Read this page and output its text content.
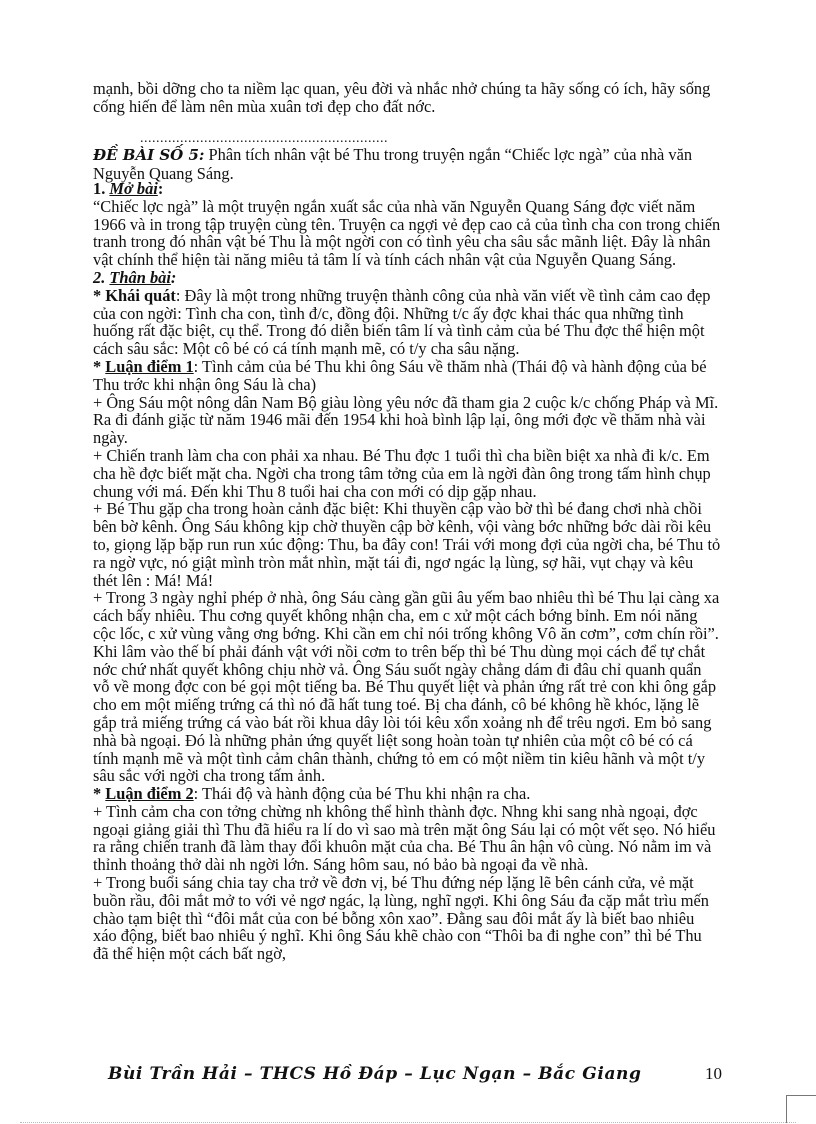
mạnh, bồi dỡng cho ta niềm lạc quan, yêu đời và nhắc nhở chúng ta hãy sống có ích, hãy sống cống hiến để làm nên mùa xuân tơi đẹp cho đất nớc.

..............................................................

ĐỀ BÀI SỐ 5: Phân tích nhân vật bé Thu trong truyện ngắn “Chiếc lợc ngà” của nhà văn Nguyễn Quang Sáng.

1. Mở bài:

“Chiếc lợc ngà” là một truyện ngắn xuất sắc của nhà văn Nguyễn Quang Sáng đợc viết năm 1966 và in trong tập truyện cùng tên. Truyện ca ngợi vẻ đẹp cao cả của tình cha con trong chiến tranh trong đó nhân vật bé Thu là một ngời con có tình yêu cha sâu sắc mãnh liệt. Đây là nhân vật chính thể hiện tài năng miêu tả tâm lí và tính cách nhân vật của Nguyễn Quang Sáng.

2. Thân bài:

* Khái quát: Đây là một trong những truyện thành công của nhà văn viết về tình cảm cao đẹp của con ngời: Tình cha con, tình đ/c, đồng đội. Những t/c ấy đợc khai thác qua những tình huống rất đặc biệt, cụ thể. Trong đó diễn biến tâm lí và tình cảm của bé Thu đợc thể hiện một cách sâu sắc: Một cô bé có cá tính mạnh mẽ, có t/y cha sâu nặng.

* Luận điểm 1: Tình cảm của bé Thu khi ông Sáu về thăm nhà (Thái độ và hành động của bé Thu trớc khi nhận ông Sáu là cha)

+ Ông Sáu một nông dân Nam Bộ giàu lòng yêu nớc đã tham gia 2 cuộc k/c chống Pháp và Mĩ. Ra đi đánh giặc từ năm 1946 mãi đến 1954 khi hoà bình lập lại, ông mới đợc về thăm nhà vài ngày.

+ Chiến tranh làm cha con phải xa nhau. Bé Thu đợc 1 tuổi thì cha biền biệt xa nhà đi k/c. Em cha hề đợc biết mặt cha. Ngời cha trong tâm tởng của em là ngời đàn ông trong tấm hình chụp chung với má. Đến khi Thu 8 tuổi hai cha con mới có dịp gặp nhau.

+ Bé Thu gặp cha trong hoàn cảnh đặc biệt: Khi thuyền cập vào bờ thì bé đang chơi nhà chồi bên bờ kênh. Ông Sáu không kịp chờ thuyền cập bờ kênh, vội vàng bớc những bớc dài rồi kêu to, giọng lặp bặp run run xúc động: Thu, ba đây con! Trái với mong đợi của ngời cha, bé Thu tỏ ra ngờ vực, nó giật mình tròn mắt nhìn, mặt tái đi, ngơ ngác lạ lùng, sợ hãi, vụt chạy và kêu thét lên : Má! Má!

+ Trong 3 ngày nghỉ phép ở nhà, ông Sáu càng gần gũi âu yếm bao nhiêu thì bé Thu lại càng xa cách bấy nhiêu. Thu cơng quyết không nhận cha, em c xử một cách bớng bỉnh. Em nói năng cộc lốc, c xử vùng vằng ơng bớng. Khi cần em chỉ nói trống không Vô ăn cơm”, cơm chín rồi”. Khi lâm vào thế bí phải đánh vật với nồi cơm to trên bếp thì bé Thu dùng mọi cách để tự chắt nớc chứ nhất quyết không chịu nhờ vả. Ông Sáu suốt ngày chẳng dám đi đâu chỉ quanh quẩn vỗ về mong đợc con bé gọi một tiếng ba. Bé Thu quyết liệt và phản ứng rất trẻ con khi ông gắp cho em một miếng trứng cá thì nó đã hất tung toé. Bị cha đánh, cô bé không hề khóc, lặng lẽ gắp trả miếng trứng cá vào bát rồi khua dây lòi tói kêu xổn xoảng nh để trêu ngơi. Em bỏ sang nhà bà ngoại. Đó là những phản ứng quyết liệt song hoàn toàn tự nhiên của một cô bé có cá tính mạnh mẽ và một tình cảm chân thành, chứng tỏ em có một niềm tin kiêu hãnh và một t/y sâu sắc với ngời cha trong tấm ảnh.

* Luận điểm 2: Thái độ và hành động của bé Thu khi nhận ra cha.

+ Tình cảm cha con tởng chừng nh không thể hình thành đợc. Nhng khi sang nhà ngoại, đợc ngoại giảng giải thì Thu đã hiểu ra lí do vì sao mà trên mặt ông Sáu lại có một vết sẹo. Nó hiểu ra rằng chiến tranh đã làm thay đổi khuôn mặt của cha. Bé Thu ân hận vô cùng. Nó nằm im và thỉnh thoảng thở dài nh ngời lớn. Sáng hôm sau, nó bảo bà ngoại đa về nhà.

+ Trong buổi sáng chia tay cha trở về đơn vị, bé Thu đứng nép lặng lẽ bên cánh cửa, vẻ mặt buồn rầu, đôi mắt mở to với vẻ ngơ ngác, lạ lùng, nghĩ ngợi. Khi ông Sáu đa cặp mắt trìu mến chào tạm biệt thì “đôi mắt của con bé bỗng xôn xao”. Đằng sau đôi mắt ấy là biết bao nhiêu xáo động, biết bao nhiêu ý nghĩ. Khi ông Sáu khẽ chào con “Thôi ba đi nghe con” thì bé Thu đã thể hiện một cách bất ngờ,

Bùi Trần Hải – THCS Hồ Đáp – Lục Ngạn – Bắc Giang	10
